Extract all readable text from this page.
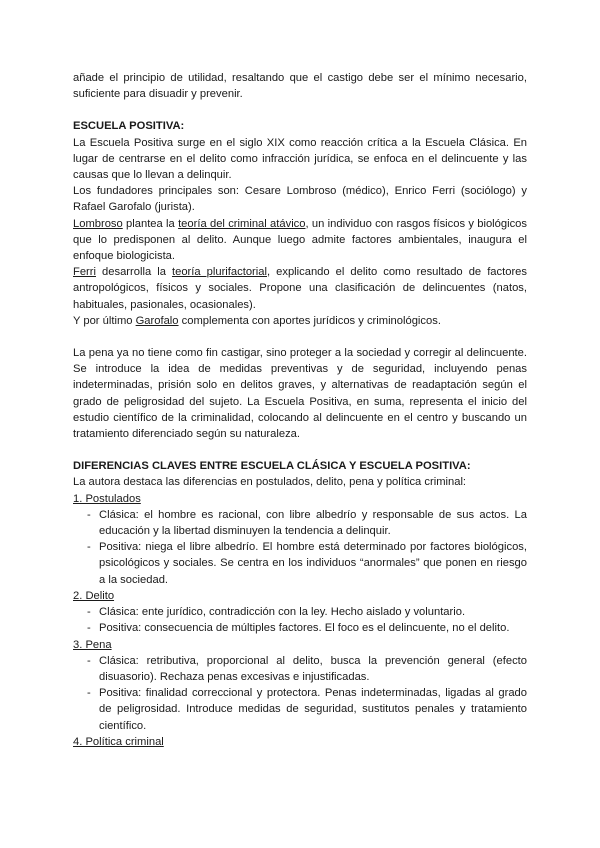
añade el principio de utilidad, resaltando que el castigo debe ser el mínimo necesario, suficiente para disuadir y prevenir.

ESCUELA POSITIVA:

La Escuela Positiva surge en el siglo XIX como reacción crítica a la Escuela Clásica. En lugar de centrarse en el delito como infracción jurídica, se enfoca en el delincuente y las causas que lo llevan a delinquir.

Los fundadores principales son: Cesare Lombroso (médico), Enrico Ferri (sociólogo) y Rafael Garofalo (jurista).

Lombroso plantea la teoría del criminal atávico, un individuo con rasgos físicos y biológicos que lo predisponen al delito. Aunque luego admite factores ambientales, inaugura el enfoque biologicista.

Ferri desarrolla la teoría plurifactorial, explicando el delito como resultado de factores antropológicos, físicos y sociales. Propone una clasificación de delincuentes (natos, habituales, pasionales, ocasionales).

Y por último Garofalo complementa con aportes jurídicos y criminológicos.

La pena ya no tiene como fin castigar, sino proteger a la sociedad y corregir al delincuente. Se introduce la idea de medidas preventivas y de seguridad, incluyendo penas indeterminadas, prisión solo en delitos graves, y alternativas de readaptación según el grado de peligrosidad del sujeto. La Escuela Positiva, en suma, representa el inicio del estudio científico de la criminalidad, colocando al delincuente en el centro y buscando un tratamiento diferenciado según su naturaleza.

DIFERENCIAS CLAVES ENTRE ESCUELA CLÁSICA Y ESCUELA POSITIVA:

La autora destaca las diferencias en postulados, delito, pena y política criminal:

1. Postulados

- Clásica: el hombre es racional, con libre albedrío y responsable de sus actos. La educación y la libertad disminuyen la tendencia a delinquir.
- Positiva: niega el libre albedrío. El hombre está determinado por factores biológicos, psicológicos y sociales. Se centra en los individuos “anormales” que ponen en riesgo a la sociedad.

2. Delito

- Clásica: ente jurídico, contradicción con la ley. Hecho aislado y voluntario.
- Positiva: consecuencia de múltiples factores. El foco es el delincuente, no el delito.

3. Pena

- Clásica: retributiva, proporcional al delito, busca la prevención general (efecto disuasorio). Rechaza penas excesivas e injustificadas.
- Positiva: finalidad correccional y protectora. Penas indeterminadas, ligadas al grado de peligrosidad. Introduce medidas de seguridad, sustitutos penales y tratamiento científico.

4. Política criminal
